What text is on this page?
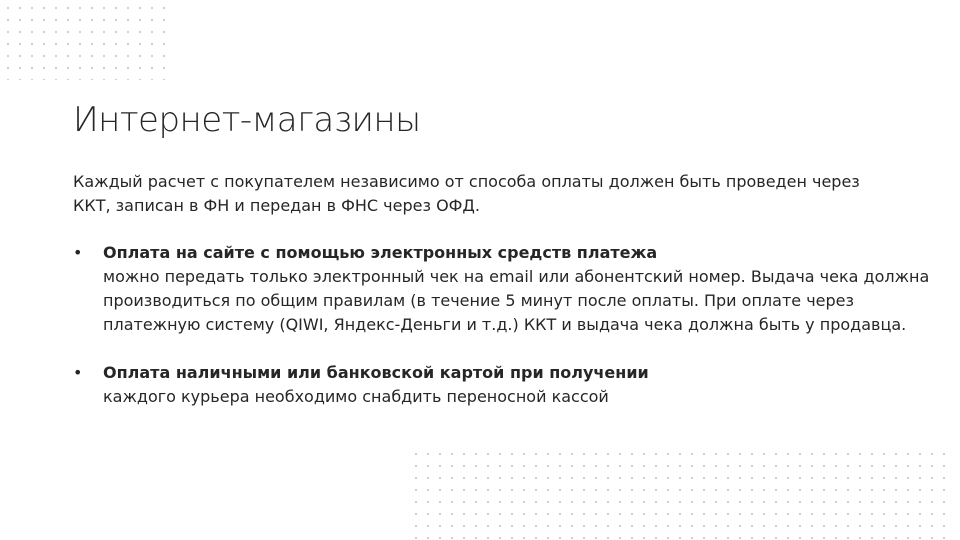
Интернет-магазины

Каждый расчет с покупателем независимо от способа оплаты должен быть проведен через ККТ, записан в ФН и передан в ФНС через ОФД.

• Оплата на сайте с помощью электронных средств платежа
можно передать только электронный чек на email или абонентский номер. Выдача чека должна производиться по общим правилам (в течение 5 минут после оплаты. При оплате через платежную систему (QIWI, Яндекс-Деньги и т.д.) ККТ и выдача чека должна быть у продавца.
• Оплата наличными или банковской картой при получении
каждого курьера необходимо снабдить переносной кассой
